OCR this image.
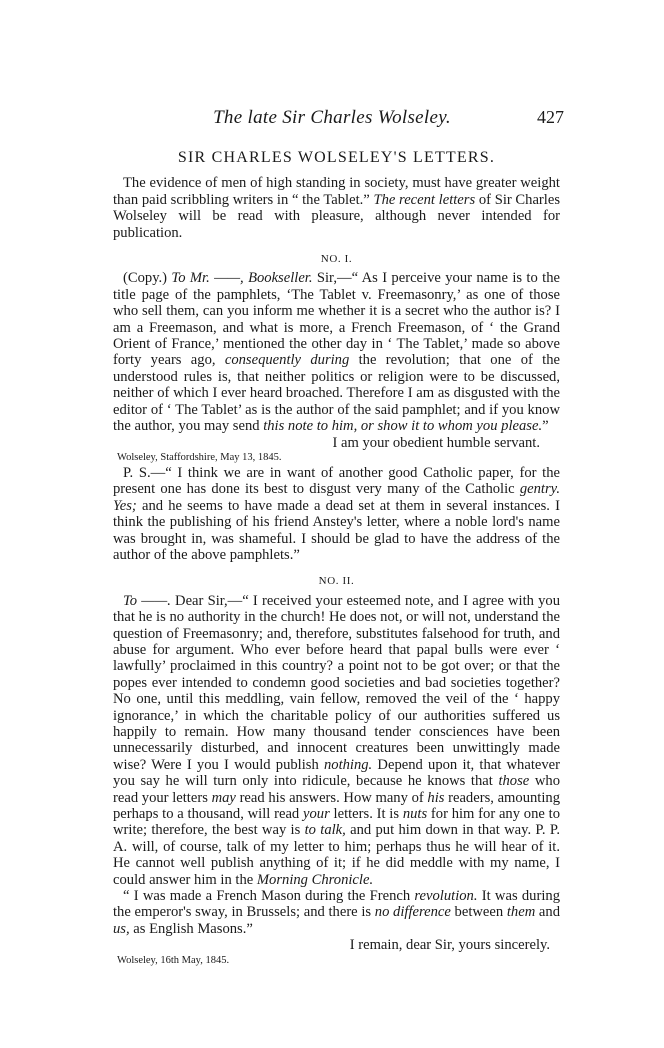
The late Sir Charles Wolseley.	427
SIR CHARLES WOLSELEY'S LETTERS.

The evidence of men of high standing in society, must have greater weight than paid scribbling writers in “ the Tablet.” The recent letters of Sir Charles Wolseley will be read with pleasure, although never intended for publication.

NO. I.

(Copy.) To Mr. ——, Bookseller. Sir,—“ As I perceive your name is to the title page of the pamphlets, ‘The Tablet v. Freemasonry,’ as one of those who sell them, can you inform me whether it is a secret who the author is? I am a Freemason, and what is more, a French Freemason, of ‘ the Grand Orient of France,’ mentioned the other day in ‘ The Tablet,’ made so above forty years ago, consequently during the revolution; that one of the understood rules is, that neither politics or religion were to be discussed, neither of which I ever heard broached. Therefore I am as disgusted with the editor of ‘ The Tablet’ as is the author of the said pamphlet; and if you know the author, you may send this note to him, or show it to whom you please.”

I am your obedient humble servant.

Wolseley, Staffordshire, May 13, 1845.

P. S.—“ I think we are in want of another good Catholic paper, for the present one has done its best to disgust very many of the Catholic gentry. Yes; and he seems to have made a dead set at them in several instances. I think the publishing of his friend Anstey's letter, where a noble lord's name was brought in, was shameful. I should be glad to have the address of the author of the above pamphlets.”

NO. II.

To ——. Dear Sir,—“ I received your esteemed note, and I agree with you that he is no authority in the church! He does not, or will not, understand the question of Freemasonry; and, therefore, substitutes falsehood for truth, and abuse for argument. Who ever before heard that papal bulls were ever ‘ lawfully’ proclaimed in this country? a point not to be got over; or that the popes ever intended to condemn good societies and bad societies together? No one, until this meddling, vain fellow, removed the veil of the ‘ happy ignorance,’ in which the charitable policy of our authorities suffered us happily to remain. How many thousand tender consciences have been unnecessarily disturbed, and innocent creatures been unwittingly made wise? Were I you I would publish nothing. Depend upon it, that whatever you say he will turn only into ridicule, because he knows that those who read your letters may read his answers. How many of his readers, amounting perhaps to a thousand, will read your letters. It is nuts for him for any one to write; therefore, the best way is to talk, and put him down in that way. P. P. A. will, of course, talk of my letter to him; perhaps thus he will hear of it. He cannot well publish anything of it; if he did meddle with my name, I could answer him in the Morning Chronicle.

“ I was made a French Mason during the French revolution. It was during the emperor's sway, in Brussels; and there is no difference between them and us, as English Masons.”

I remain, dear Sir, yours sincerely.

Wolseley, 16th May, 1845.
